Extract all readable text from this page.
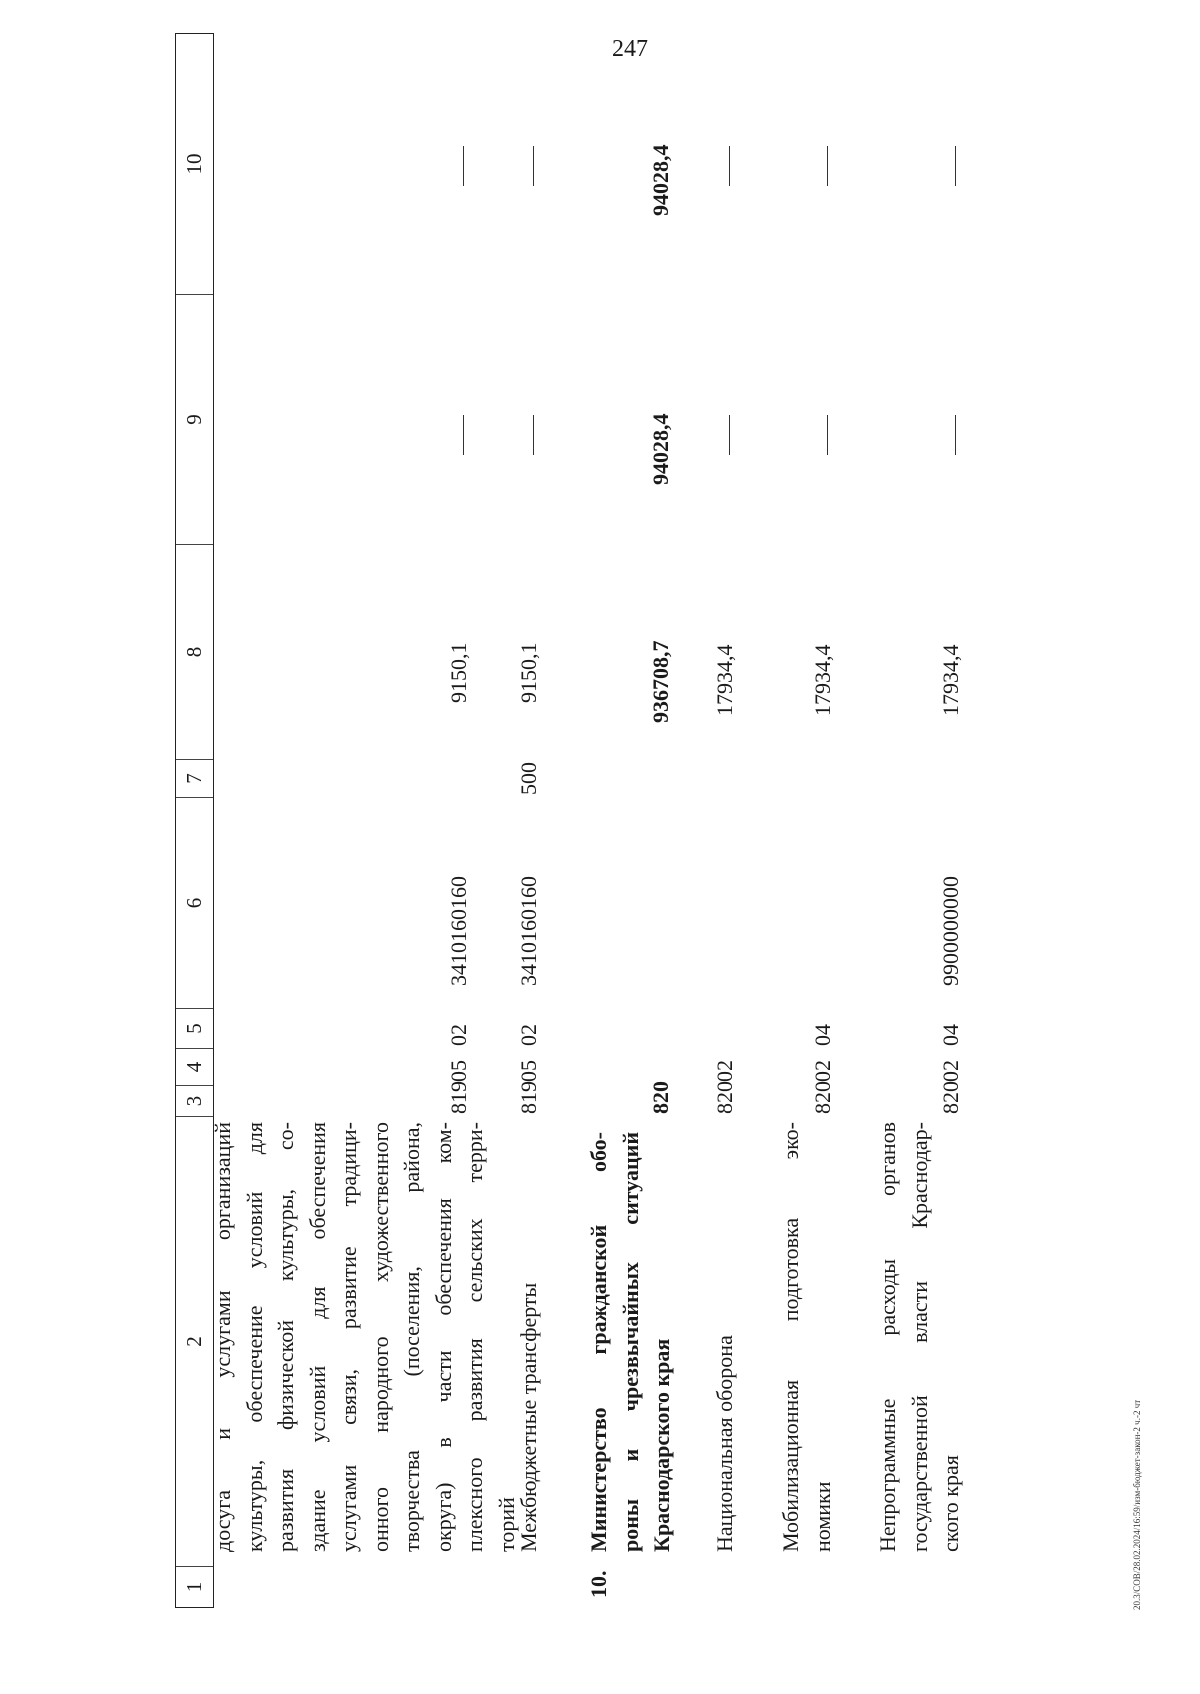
247
20.3/СОВ/28.02.2024/16:59/изм-бюджет-закон-2 ч.-2 чт
1
2
3
4
5
6
7
8
9
10
досуга и услугами организаций культуры, обеспечение условий для развития физической культуры, со- здание условий для обеспечения услугами связи, развитие традици- онного народного художественного творчества (поселения, района, округа) в части обеспечения ком- плексного развития сельских терри- торий
819
05
02
3410160160
9150,1
Межбюджетные трансферты
819
05
02
3410160160
500
9150,1
10.
Министерство гражданской обо- роны и чрезвычайных ситуаций Краснодарского края
820
936708,7
94028,4
94028,4
Национальная оборона
820
02
17934,4
Мобилизационная подготовка эко- номики
820
02
04
17934,4
Непрограммные расходы органов государственной власти Краснодар- ского края
820
02
04
9900000000
17934,4
